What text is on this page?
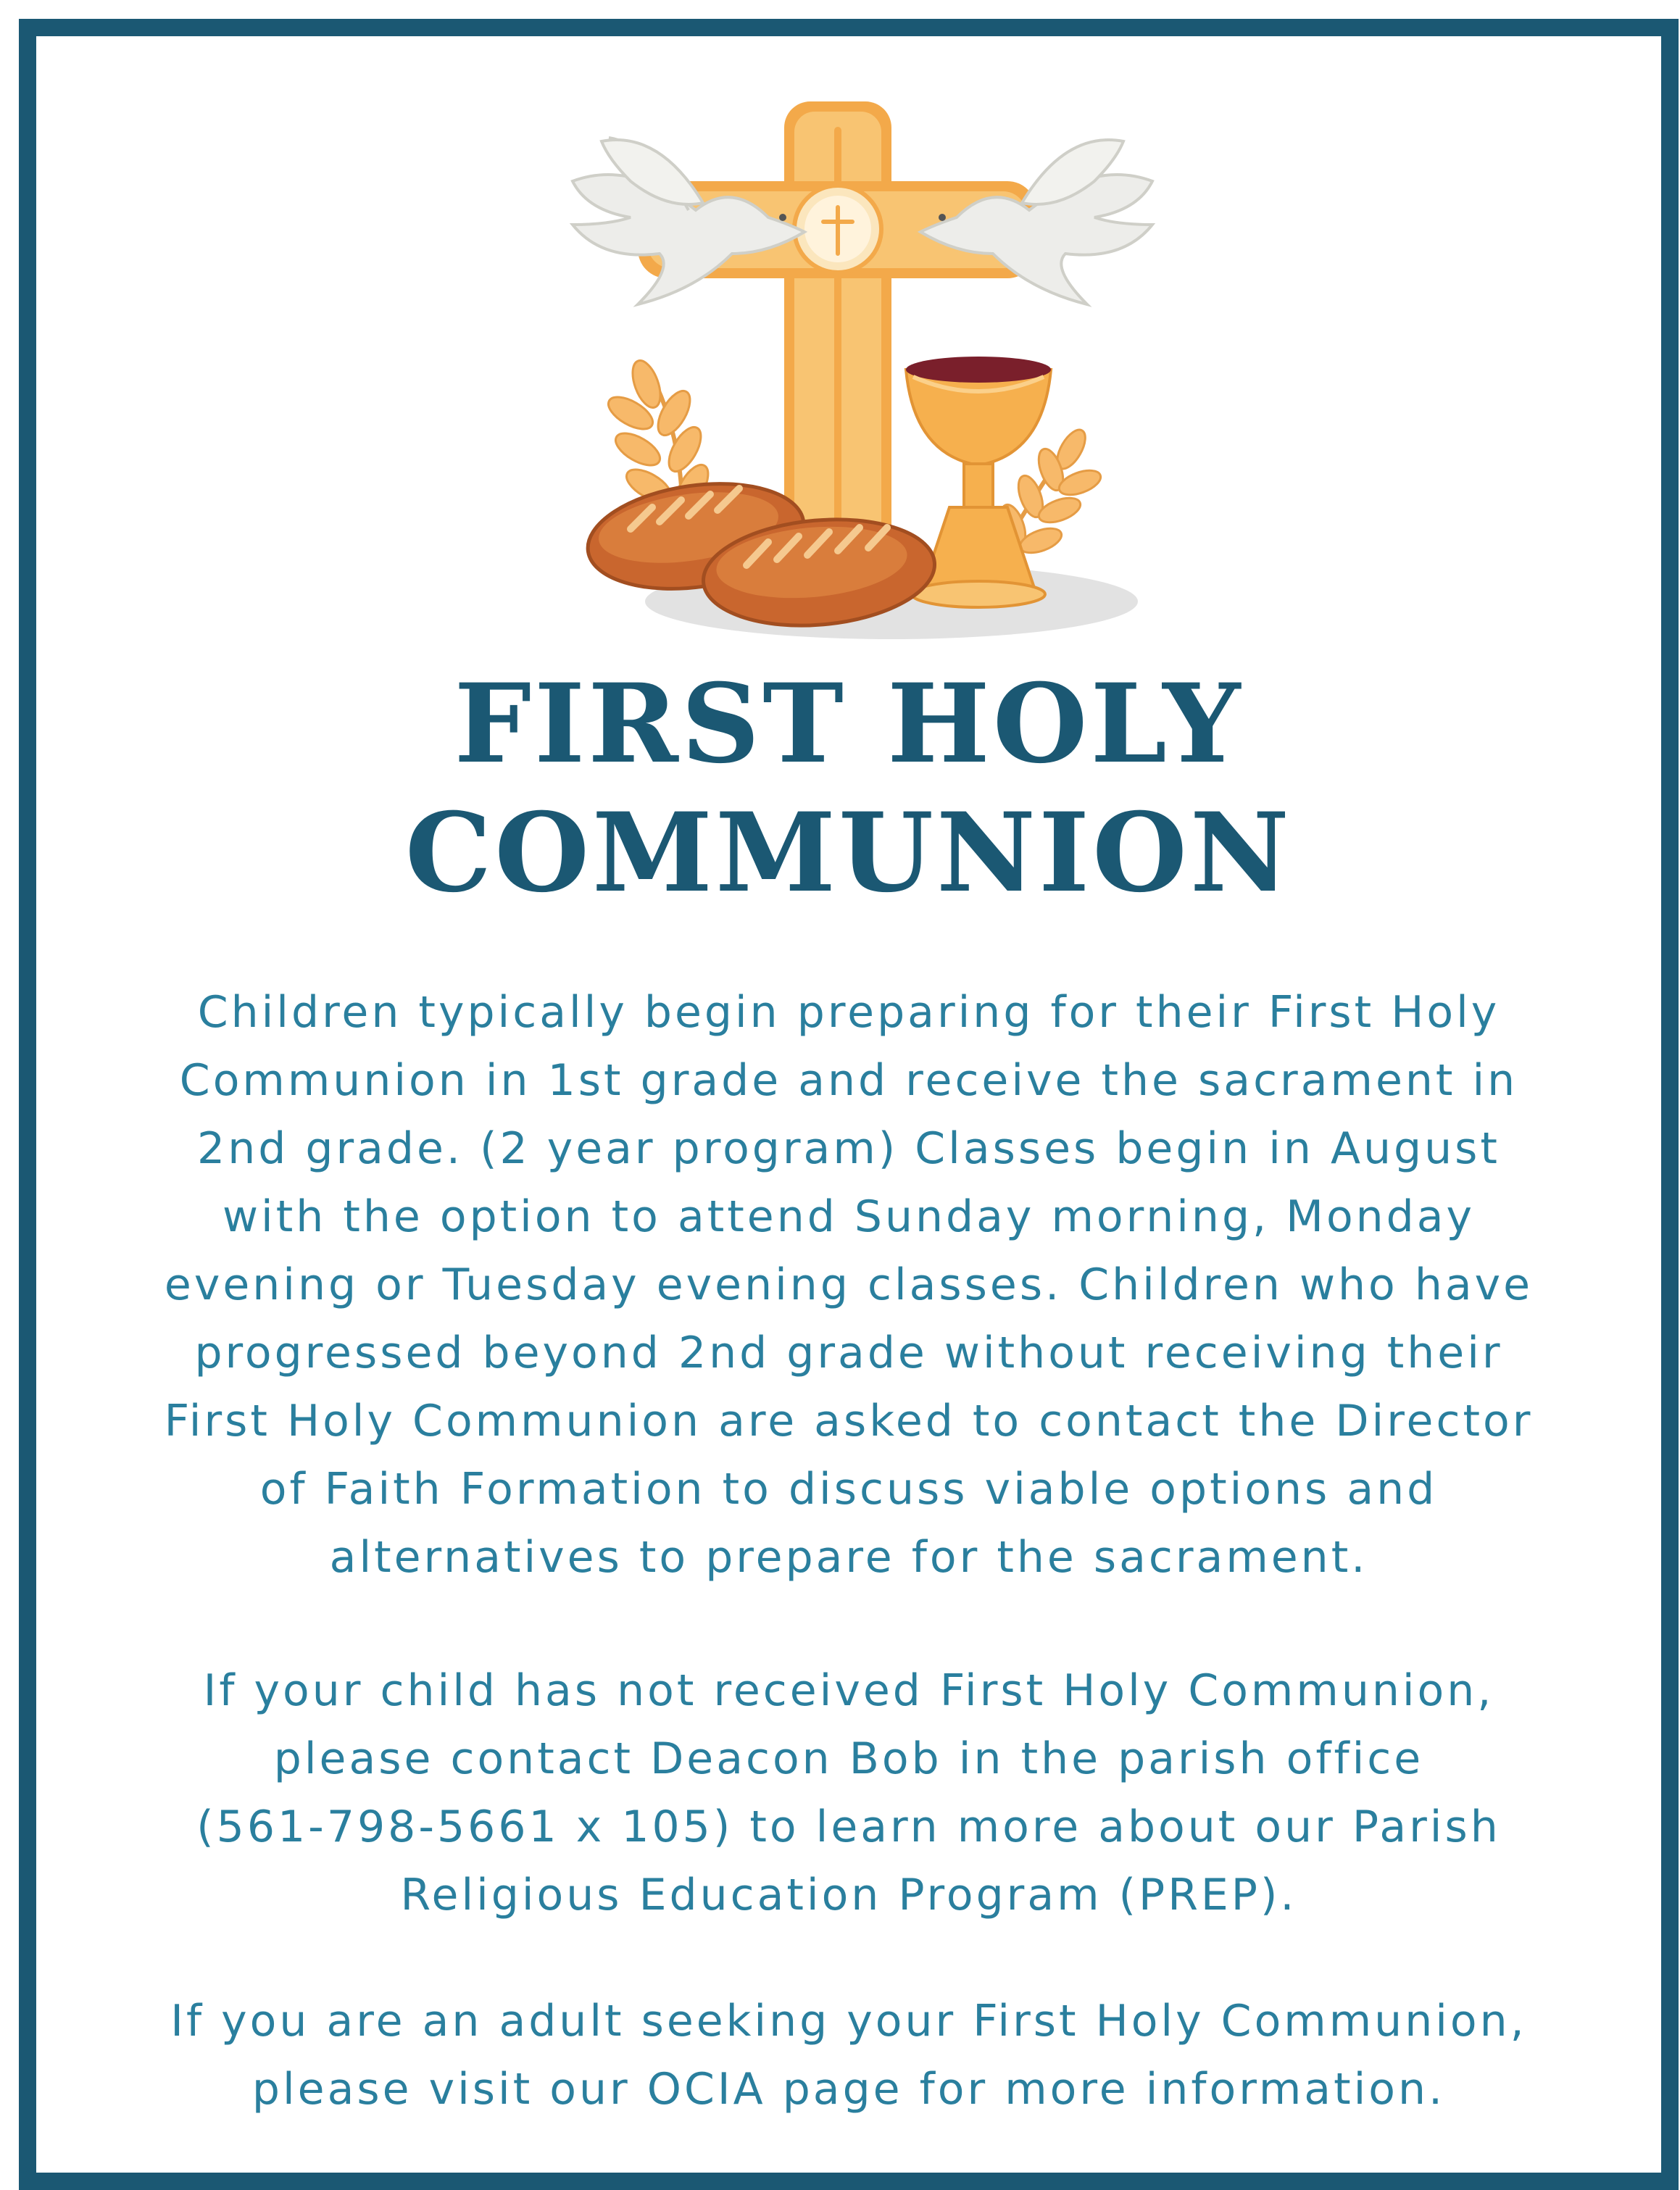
FIRST HOLY
COMMUNION
Children typically begin preparing for their First Holy
Communion in 1st grade and receive the sacrament in
2nd grade. (2 year program) Classes begin in August
with the option to attend Sunday morning, Monday
evening or Tuesday evening classes. Children who have
progressed beyond 2nd grade without receiving their
First Holy Communion are asked to contact the Director
of Faith Formation to discuss viable options and
alternatives to prepare for the sacrament.
If your child has not received First Holy Communion,
please contact Deacon Bob in the parish office
(561-798-5661 x 105) to learn more about our Parish
Religious Education Program (PREP).
If you are an adult seeking your First Holy Communion,
please visit our OCIA page for more information.
